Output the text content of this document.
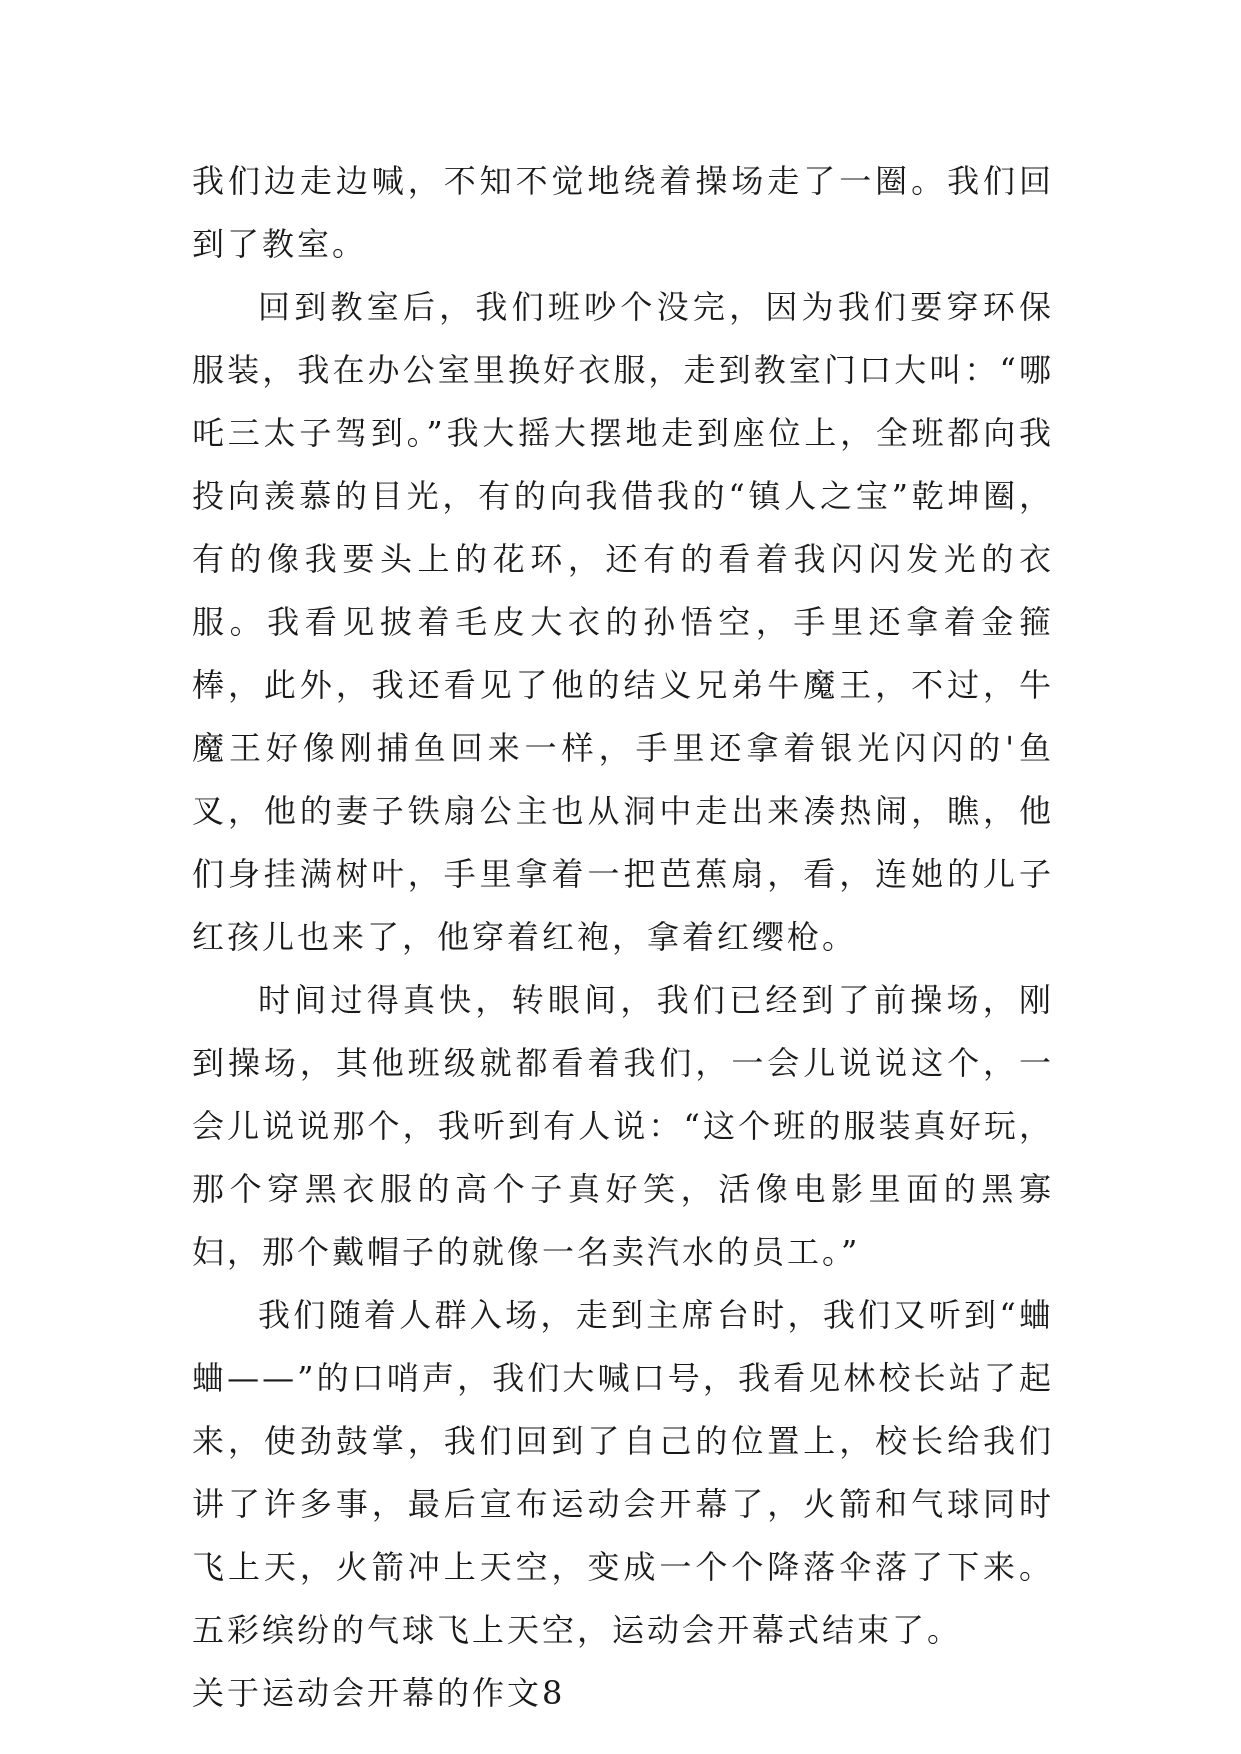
我们边走边喊，不知不觉地绕着操场走了一圈。我们回到了教室。

回到教室后，我们班吵个没完，因为我们要穿环保服装，我在办公室里换好衣服，走到教室门口大叫：“哪吒三太子驾到。”我大摇大摆地走到座位上，全班都向我投向羡慕的目光，有的向我借我的“镇人之宝”乾坤圈，有的像我要头上的花环，还有的看着我闪闪发光的衣服。我看见披着毛皮大衣的孙悟空，手里还拿着金箍棒，此外，我还看见了他的结义兄弟牛魔王，不过，牛魔王好像刚捕鱼回来一样，手里还拿着银光闪闪的'鱼叉，他的妻子铁扇公主也从洞中走出来凑热闹，瞧，他们身挂满树叶，手里拿着一把芭蕉扇，看，连她的儿子红孩儿也来了，他穿着红袍，拿着红缨枪。

时间过得真快，转眼间，我们已经到了前操场，刚到操场，其他班级就都看着我们，一会儿说说这个，一会儿说说那个，我听到有人说：“这个班的服装真好玩，那个穿黑衣服的高个子真好笑，活像电影里面的黑寡妇，那个戴帽子的就像一名卖汽水的员工。”

我们随着人群入场，走到主席台时，我们又听到“蛐蛐——”的口哨声，我们大喊口号，我看见林校长站了起来，使劲鼓掌，我们回到了自己的位置上，校长给我们讲了许多事，最后宣布运动会开幕了，火箭和气球同时飞上天，火箭冲上天空，变成一个个降落伞落了下来。五彩缤纷的气球飞上天空，运动会开幕式结束了。

关于运动会开幕的作文8
